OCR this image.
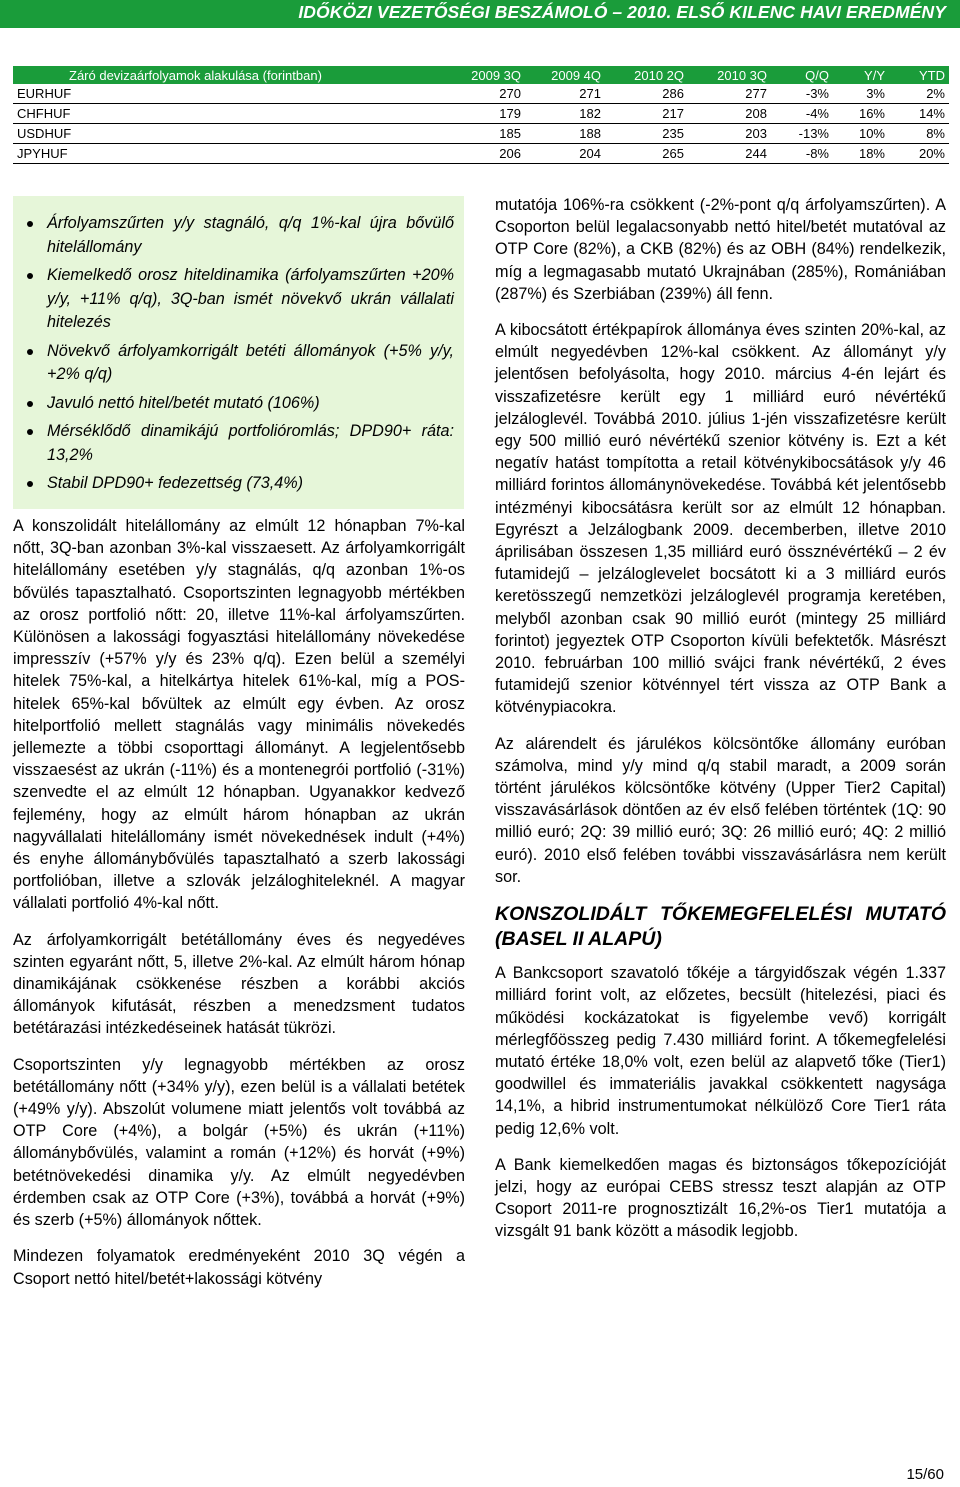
IDŐKÖZI VEZETŐSÉGI BESZÁMOLÓ – 2010. ELSŐ KILENC HAVI EREDMÉNY
Záró devizaárfolyamok alakulása (forintban)	2009 3Q	2009 4Q	2010 2Q	2010 3Q	Q/Q	Y/Y	YTD
EURHUF	270	271	286	277	-3%	3%	2%
CHFHUF	179	182	217	208	-4%	16%	14%
USDHUF	185	188	235	203	-13%	10%	8%
JPYHUF	206	204	265	244	-8%	18%	20%
Árfolyamszűrten y/y stagnáló, q/q 1%-kal újra bővülő hitelállomány
Kiemelkedő orosz hiteldinamika (árfolyamszűrten +20% y/y, +11% q/q), 3Q-ban ismét növekvő ukrán vállalati hitelezés
Növekvő árfolyamkorrigált betéti állományok (+5% y/y, +2% q/q)
Javuló nettó hitel/betét mutató (106%)
Mérséklődő dinamikájú portfolióromlás; DPD90+ ráta: 13,2%
Stabil DPD90+ fedezettség (73,4%)

A konszolidált hitelállomány az elmúlt 12 hónapban 7%-kal nőtt, 3Q-ban azonban 3%-kal visszaesett. Az árfolyamkorrigált hitelállomány esetében y/y stagnálás, q/q azonban 1%-os bővülés tapasztalható. Csoportszinten legnagyobb mértékben az orosz portfolió nőtt: 20, illetve 11%-kal árfolyamszűrten. Különösen a lakossági fogyasztási hitelállomány növekedése impresszív (+57% y/y és 23% q/q). Ezen belül a személyi hitelek 75%-kal, a hitelkártya hitelek 61%-kal, míg a POS-hitelek 65%-kal bővültek az elmúlt egy évben. Az orosz hitelportfolió mellett stagnálás vagy minimális növekedés jellemezte a többi csoporttagi állományt. A legjelentősebb visszaesést az ukrán (-11%) és a montenegrói portfolió (-31%) szenvedte el az elmúlt 12 hónapban. Ugyanakkor kedvező fejlemény, hogy az elmúlt három hónapban az ukrán nagyvállalati hitelállomány ismét növekednések indult (+4%) és enyhe állománybővülés tapasztalható a szerb lakossági portfolióban, illetve a szlovák jelzáloghiteleknél. A magyar vállalati portfolió 4%-kal nőtt.

Az árfolyamkorrigált betétállomány éves és negyedéves szinten egyaránt nőtt, 5, illetve 2%-kal. Az elmúlt három hónap dinamikájának csökkenése részben a korábbi akciós állományok kifutását, részben a menedzsment tudatos betétárazási intézkedéseinek hatását tükrözi.

Csoportszinten y/y legnagyobb mértékben az orosz betétállomány nőtt (+34% y/y), ezen belül is a vállalati betétek (+49% y/y). Abszolút volumene miatt jelentős volt továbbá az OTP Core (+4%), a bolgár (+5%) és ukrán (+11%) állománybővülés, valamint a román (+12%) és horvát (+9%) betétnövekedési dinamika y/y. Az elmúlt negyedévben érdemben csak az OTP Core (+3%), továbbá a horvát (+9%) és szerb (+5%) állományok nőttek.

Mindezen folyamatok eredményeként 2010 3Q végén a Csoport nettó hitel/betét+lakossági kötvény

mutatója 106%-ra csökkent (-2%-pont q/q árfolyamszűrten). A Csoporton belül legalacsonyabb nettó hitel/betét mutatóval az OTP Core (82%), a CKB (82%) és az OBH (84%) rendelkezik, míg a legmagasabb mutató Ukrajnában (285%), Romániában (287%) és Szerbiában (239%) áll fenn.

A kibocsátott értékpapírok állománya éves szinten 20%-kal, az elmúlt negyedévben 12%-kal csökkent. Az állományt y/y jelentősen befolyásolta, hogy 2010. március 4-én lejárt és visszafizetésre került egy 1 milliárd euró névértékű jelzáloglevél. Továbbá 2010. július 1-jén visszafizetésre került egy 500 millió euró névértékű szenior kötvény is. Ezt a két negatív hatást tompította a retail kötvénykibocsátások y/y 46 milliárd forintos állománynövekedése. Továbbá két jelentősebb intézményi kibocsátásra került sor az elmúlt 12 hónapban. Egyrészt a Jelzálogbank 2009. decemberben, illetve 2010 áprilisában összesen 1,35 milliárd euró össznévértékű – 2 év futamidejű – jelzáloglevelet bocsátott ki a 3 milliárd eurós keretösszegű nemzetközi jelzáloglevél programja keretében, melyből azonban csak 90 millió eurót (mintegy 25 milliárd forintot) jegyeztek OTP Csoporton kívüli befektetők. Másrészt 2010. februárban 100 millió svájci frank névértékű, 2 éves futamidejű szenior kötvénnyel tért vissza az OTP Bank a kötvénypiacokra.

Az alárendelt és járulékos kölcsöntőke állomány euróban számolva, mind y/y mind q/q stabil maradt, a 2009 során történt járulékos kölcsöntőke kötvény (Upper Tier2 Capital) visszavásárlások döntően az év első felében történtek (1Q: 90 millió euró; 2Q: 39 millió euró; 3Q: 26 millió euró; 4Q: 2 millió euró). 2010 első felében további visszavásárlásra nem került sor.

KONSZOLIDÁLT TŐKEMEGFELELÉSI MUTATÓ (BASEL II ALAPÚ)

A Bankcsoport szavatoló tőkéje a tárgyidőszak végén 1.337 milliárd forint volt, az előzetes, becsült (hitelezési, piaci és működési kockázatokat is figyelembe vevő) korrigált mérlegfőösszeg pedig 7.430 milliárd forint. A tőkemegfelelési mutató értéke 18,0% volt, ezen belül az alapvető tőke (Tier1) goodwillel és immateriális javakkal csökkentett nagysága 14,1%, a hibrid instrumentumokat nélkülöző Core Tier1 ráta pedig 12,6% volt.

A Bank kiemelkedően magas és biztonságos tőkepozícióját jelzi, hogy az európai CEBS stressz teszt alapján az OTP Csoport 2011-re prognosztizált 16,2%-os Tier1 mutatója a vizsgált 91 bank között a második legjobb.

15/60
